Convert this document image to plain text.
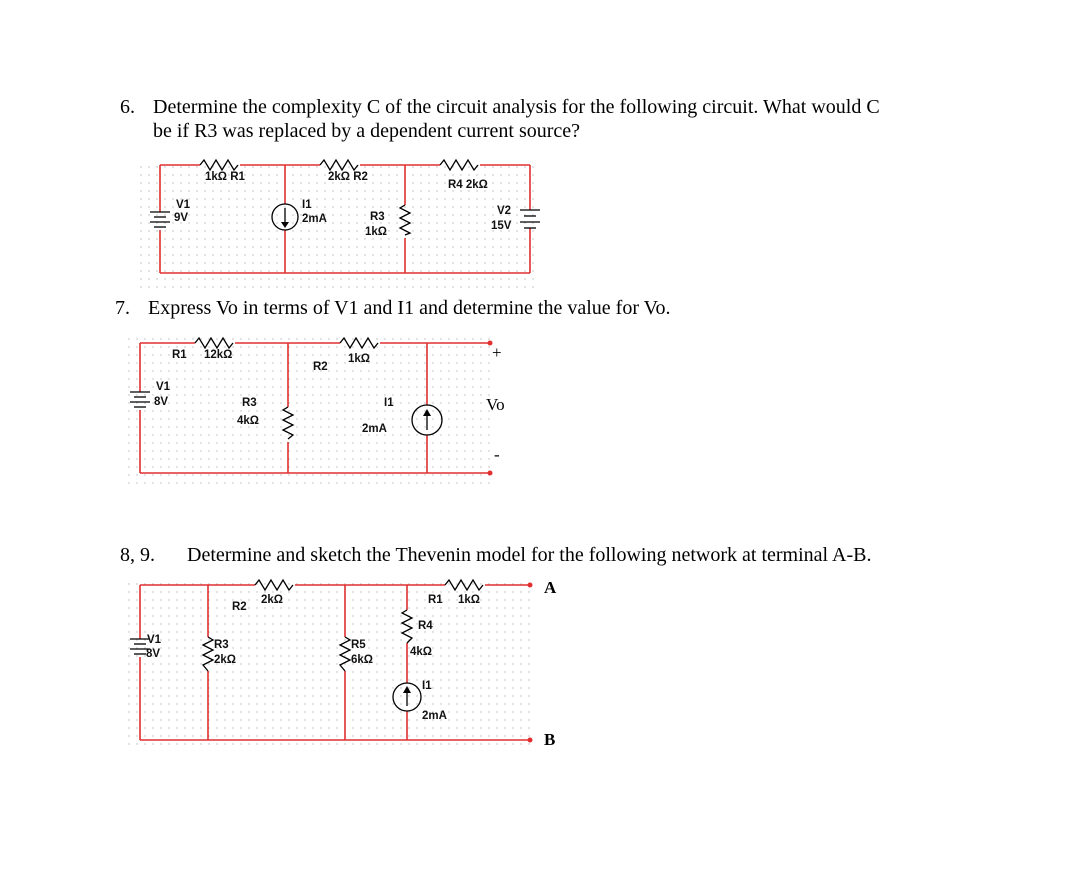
6. Determine the complexity C of the circuit analysis for the following circuit. What would C
be if R3 was replaced by a dependent current source?
1kΩ R1	2kΩ R2
R4 2kΩ
V1
9V
I1
2mA	R3
1kΩ
V2
15V
7. Express Vo in terms of V1 and I1 and determine the value for Vo.
R1 12kΩ
R2
1kΩ
V1
8V	R3
4kΩ
I1
2mA
+
-
Vo
8, 9. Determine and sketch the Thevenin model for the following network at terminal A-B.
R2
2kΩ	R1 1kΩ
V1
8V
R3
2kΩ
R5
6kΩ
R4
4kΩ
I1
2mA
A
B
